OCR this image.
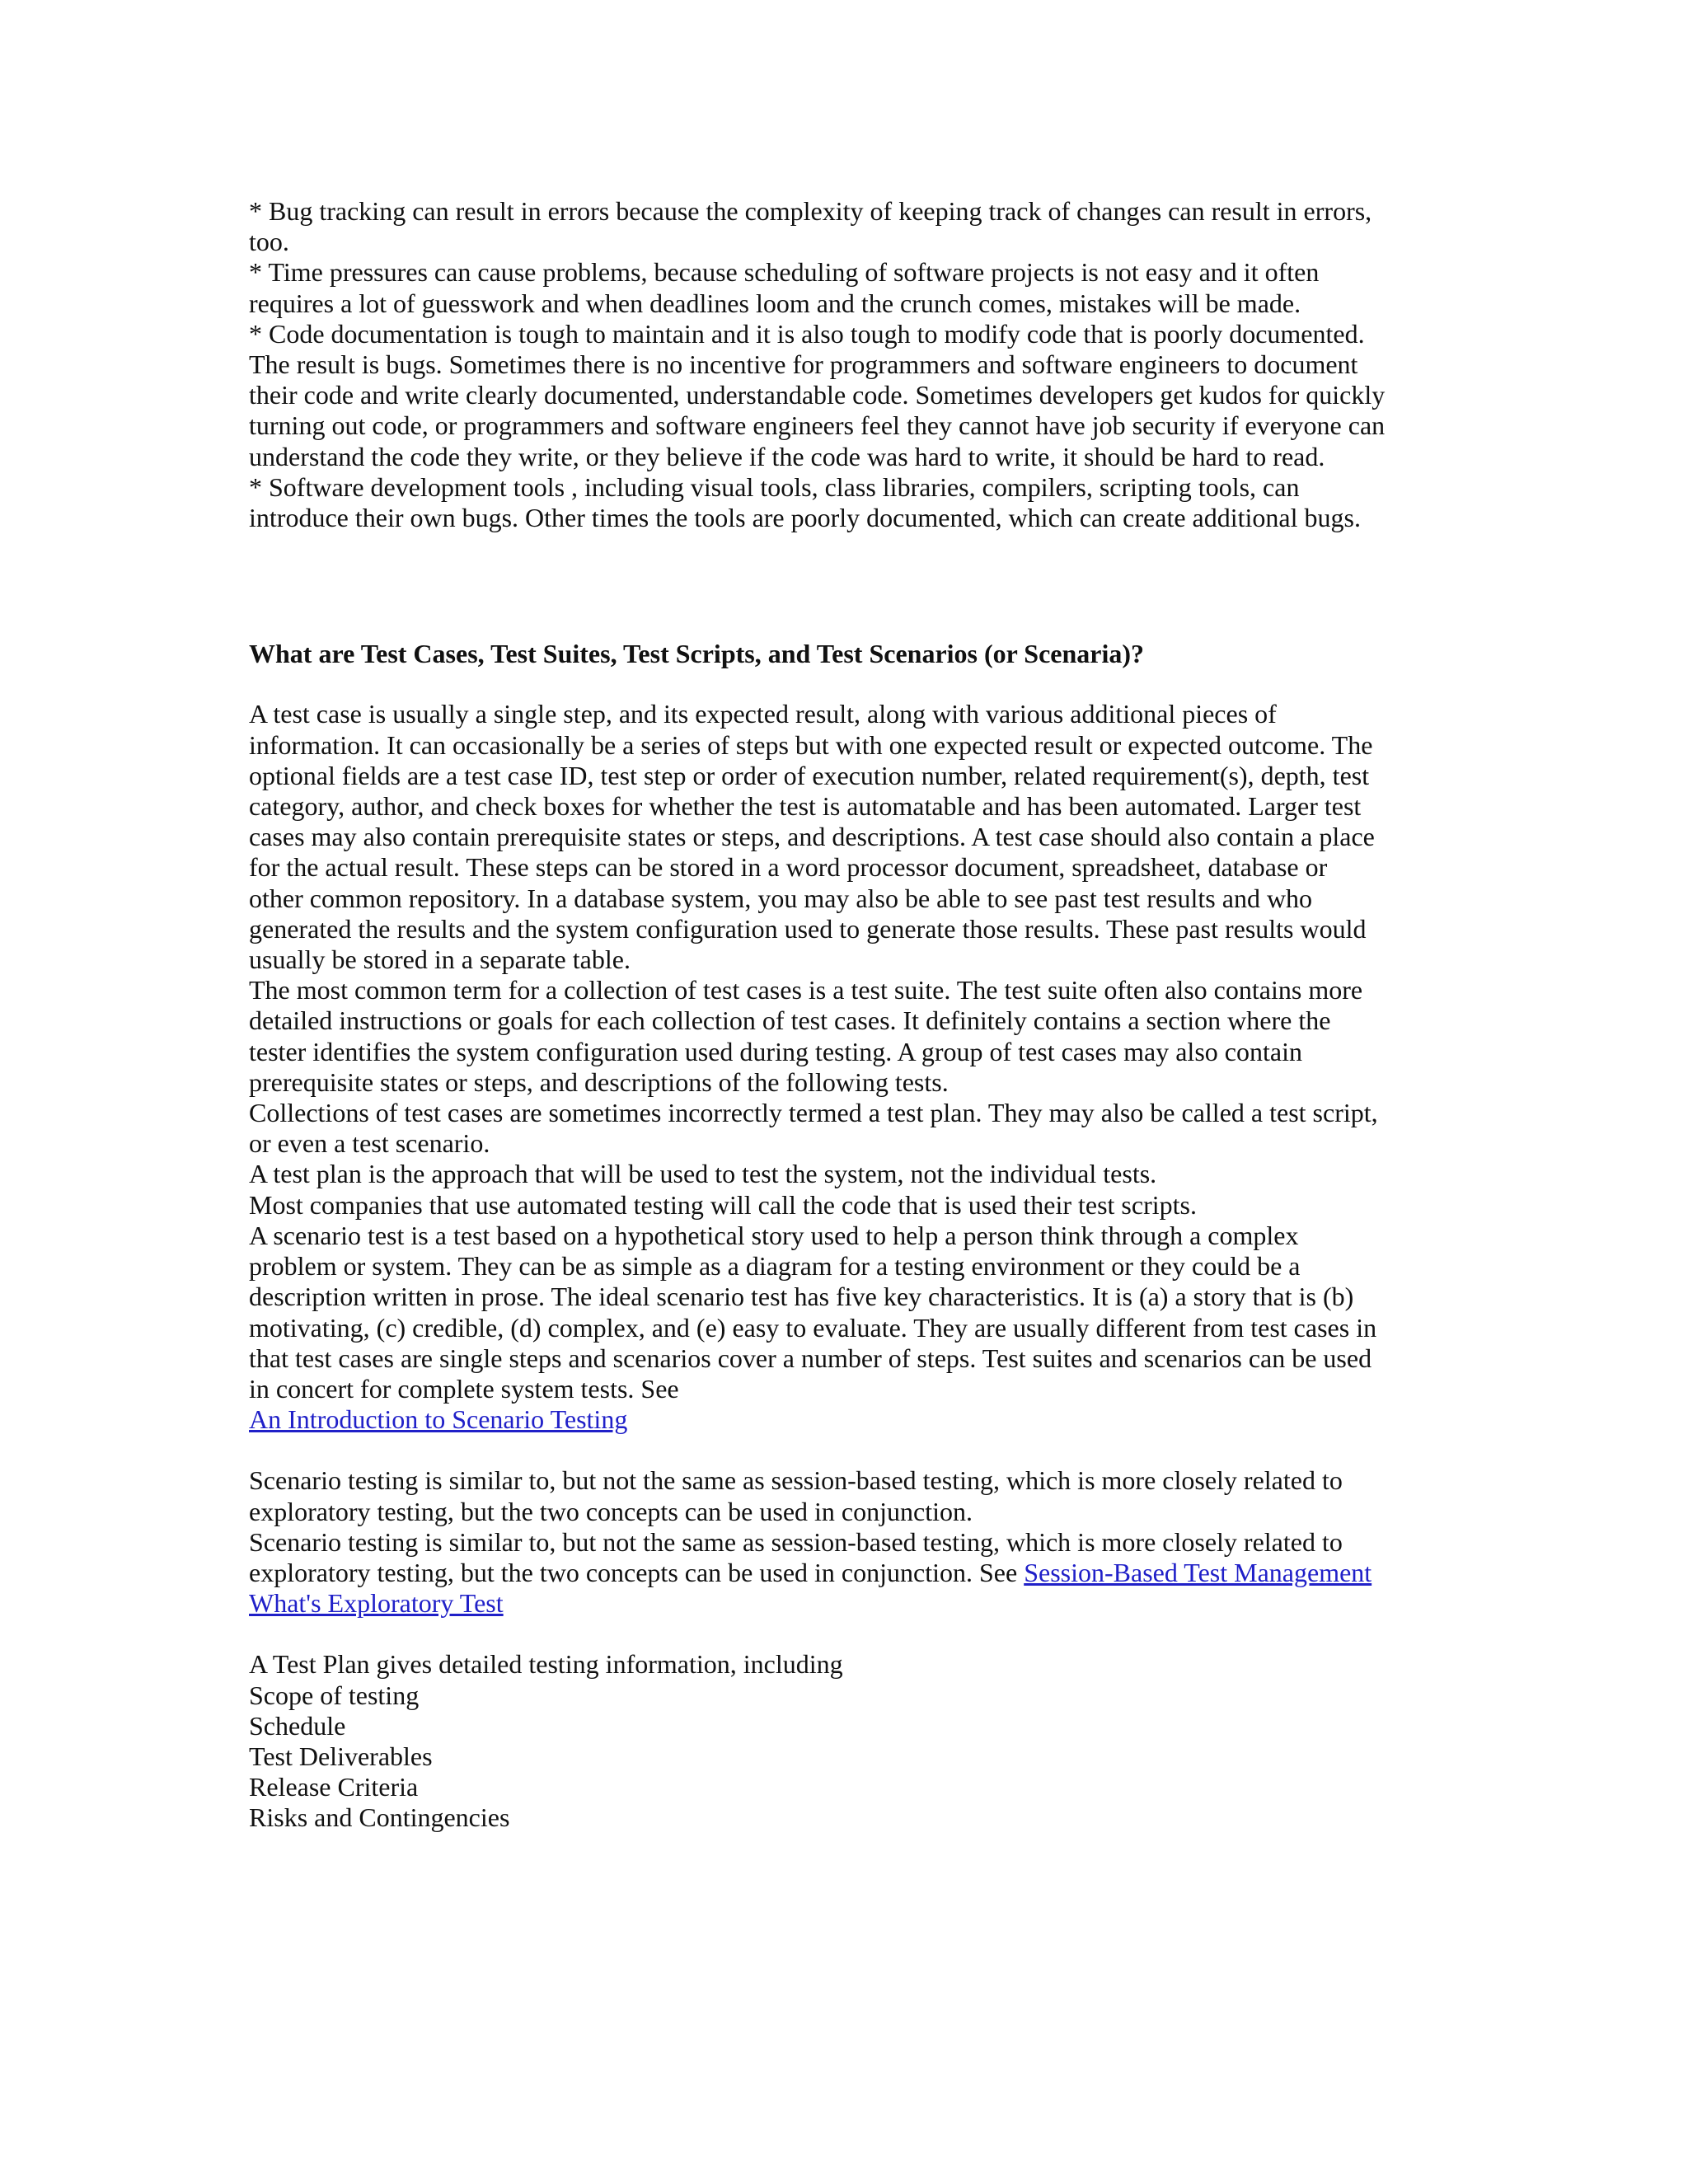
* Bug tracking can result in errors because the complexity of keeping track of changes can result in errors,
too.
* Time pressures can cause problems, because scheduling of software projects is not easy and it often
requires a lot of guesswork and when deadlines loom and the crunch comes, mistakes will be made.
* Code documentation is tough to maintain and it is also tough to modify code that is poorly documented.
The result is bugs. Sometimes there is no incentive for programmers and software engineers to document
their code and write clearly documented, understandable code. Sometimes developers get kudos for quickly
turning out code, or programmers and software engineers feel they cannot have job security if everyone can
understand the code they write, or they believe if the code was hard to write, it should be hard to read.
* Software development tools , including visual tools, class libraries, compilers, scripting tools, can
introduce their own bugs. Other times the tools are poorly documented, which can create additional bugs.
What are Test Cases, Test Suites, Test Scripts, and Test Scenarios (or Scenaria)?
A test case is usually a single step, and its expected result, along with various additional pieces of
information. It can occasionally be a series of steps but with one expected result or expected outcome. The
optional fields are a test case ID, test step or order of execution number, related requirement(s), depth, test
category, author, and check boxes for whether the test is automatable and has been automated. Larger test
cases may also contain prerequisite states or steps, and descriptions. A test case should also contain a place
for the actual result. These steps can be stored in a word processor document, spreadsheet, database or
other common repository. In a database system, you may also be able to see past test results and who
generated the results and the system configuration used to generate those results. These past results would
usually be stored in a separate table.
The most common term for a collection of test cases is a test suite. The test suite often also contains more
detailed instructions or goals for each collection of test cases. It definitely contains a section where the
tester identifies the system configuration used during testing. A group of test cases may also contain
prerequisite states or steps, and descriptions of the following tests.
Collections of test cases are sometimes incorrectly termed a test plan. They may also be called a test script,
or even a test scenario.
A test plan is the approach that will be used to test the system, not the individual tests.
Most companies that use automated testing will call the code that is used their test scripts.
A scenario test is a test based on a hypothetical story used to help a person think through a complex
problem or system. They can be as simple as a diagram for a testing environment or they could be a
description written in prose. The ideal scenario test has five key characteristics. It is (a) a story that is (b)
motivating, (c) credible, (d) complex, and (e) easy to evaluate. They are usually different from test cases in
that test cases are single steps and scenarios cover a number of steps. Test suites and scenarios can be used
in concert for complete system tests. See
An Introduction to Scenario Testing
Scenario testing is similar to, but not the same as session-based testing, which is more closely related to
exploratory testing, but the two concepts can be used in conjunction.
Scenario testing is similar to, but not the same as session-based testing, which is more closely related to
exploratory testing, but the two concepts can be used in conjunction. See Session-Based Test Management
What's Exploratory Test
A Test Plan gives detailed testing information, including
Scope of testing
Schedule
Test Deliverables
Release Criteria
Risks and Contingencies
